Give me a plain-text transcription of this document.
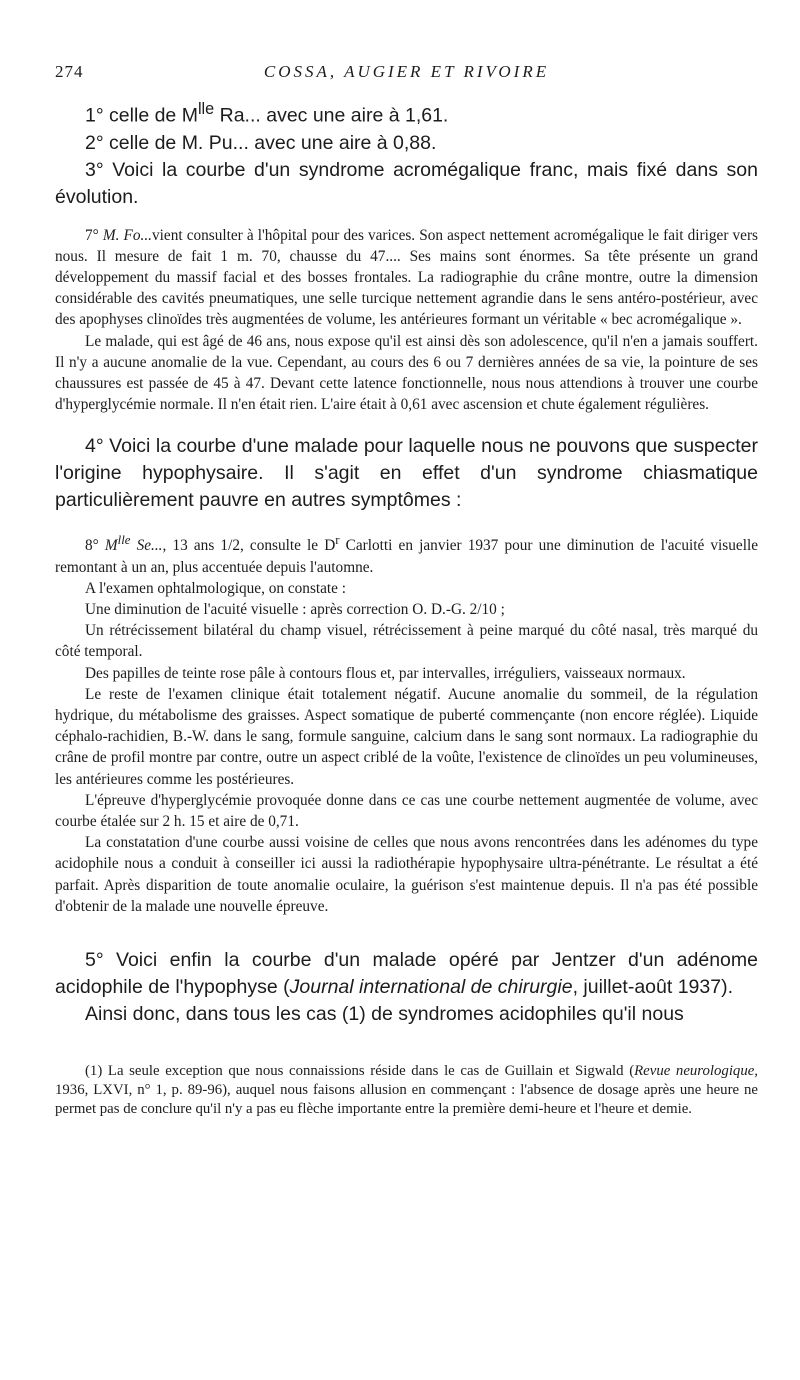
274	COSSA, AUGIER ET RIVOIRE

1° celle de $M^{lle}$ Ra... avec une aire à 1,61.

2° celle de M. Pu... avec une aire à 0,88.

3° Voici la courbe d'un syndrome acromégalique franc, mais fixé dans son évolution.

7° M. Fo...vient consulter à l'hôpital pour des varices. Son aspect nettement acromégalique le fait diriger vers nous. Il mesure de fait 1 m. 70, chausse du 47.... Ses mains sont énormes. Sa tête présente un grand développement du massif facial et des bosses frontales. La radiographie du crâne montre, outre la dimension considérable des cavités pneumatiques, une selle turcique nettement agrandie dans le sens antéro-postérieur, avec des apophyses clinoïdes très augmentées de volume, les antérieures formant un véritable « bec acromégalique ».

Le malade, qui est âgé de 46 ans, nous expose qu'il est ainsi dès son adolescence, qu'il n'en a jamais souffert. Il n'y a aucune anomalie de la vue. Cependant, au cours des 6 ou 7 dernières années de sa vie, la pointure de ses chaussures est passée de 45 à 47. Devant cette latence fonctionnelle, nous nous attendions à trouver une courbe d'hyperglycémie normale. Il n'en était rien. L'aire était à 0,61 avec ascension et chute également régulières.

4° Voici la courbe d'une malade pour laquelle nous ne pouvons que suspecter l'origine hypophysaire. Il s'agit en effet d'un syndrome chiasmatique particulièrement pauvre en autres symptômes :

8° $M^{lle}$ Se..., 13 ans 1/2, consulte le $D^r$ Carlotti en janvier 1937 pour une diminution de l'acuité visuelle remontant à un an, plus accentuée depuis l'automne.

A l'examen ophtalmologique, on constate :

Une diminution de l'acuité visuelle : après correction O. D.-G. 2/10 ;

Un rétrécissement bilatéral du champ visuel, rétrécissement à peine marqué du côté nasal, très marqué du côté temporal.

Des papilles de teinte rose pâle à contours flous et, par intervalles, irréguliers, vaisseaux normaux.

Le reste de l'examen clinique était totalement négatif. Aucune anomalie du sommeil, de la régulation hydrique, du métabolisme des graisses. Aspect somatique de puberté commençante (non encore réglée). Liquide céphalo-rachidien, B.-W. dans le sang, formule sanguine, calcium dans le sang sont normaux. La radiographie du crâne de profil montre par contre, outre un aspect criblé de la voûte, l'existence de clinoïdes un peu volumineuses, les antérieures comme les postérieures.

L'épreuve d'hyperglycémie provoquée donne dans ce cas une courbe nettement augmentée de volume, avec courbe étalée sur 2 h. 15 et aire de 0,71.

La constatation d'une courbe aussi voisine de celles que nous avons rencontrées dans les adénomes du type acidophile nous a conduit à conseiller ici aussi la radiothérapie hypophysaire ultra-pénétrante. Le résultat a été parfait. Après disparition de toute anomalie oculaire, la guérison s'est maintenue depuis. Il n'a pas été possible d'obtenir de la malade une nouvelle épreuve.

5° Voici enfin la courbe d'un malade opéré par Jentzer d'un adénome acidophile de l'hypophyse (Journal international de chirurgie, juillet-août 1937).

Ainsi donc, dans tous les cas (1) de syndromes acidophiles qu'il nous

(1) La seule exception que nous connaissions réside dans le cas de Guillain et Sigwald (Revue neurologique, 1936, LXVI, n° 1, p. 89-96), auquel nous faisons allusion en commençant : l'absence de dosage après une heure ne permet pas de conclure qu'il n'y a pas eu flèche importante entre la première demi-heure et l'heure et demie.
